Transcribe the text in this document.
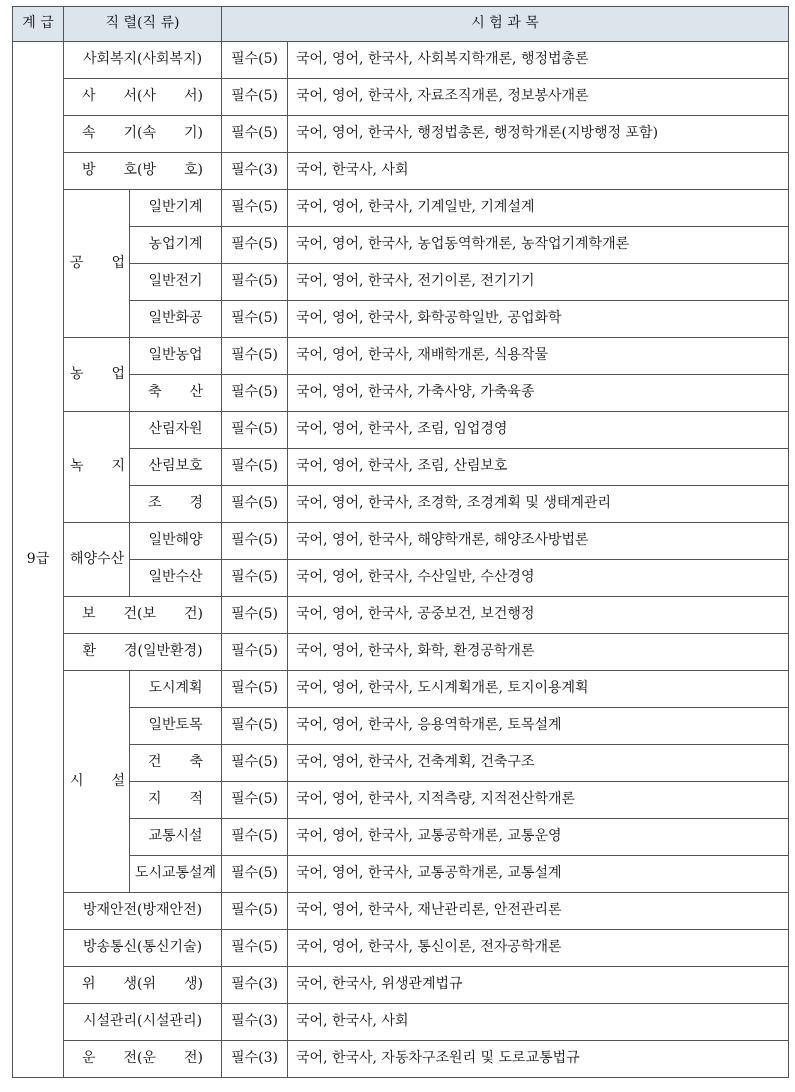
계 급	직 렬(직 류)		시 험 과 목	
9급	사회복지(사회복지)		필수(5)	국어, 영어, 한국사, 사회복지학개론, 행정법총론
	사　　서(사　　서)		필수(5)	국어, 영어, 한국사, 자료조직개론, 정보봉사개론
	속　　기(속　　기)		필수(5)	국어, 영어, 한국사, 행정법총론, 행정학개론(지방행정 포함)
	방　　호(방　　호)		필수(3)	국어, 한국사, 사회
	공　　업	일반기계	필수(5)	국어, 영어, 한국사, 기계일반, 기계설계
		농업기계	필수(5)	국어, 영어, 한국사, 농업동역학개론, 농작업기계학개론
		일반전기	필수(5)	국어, 영어, 한국사, 전기이론, 전기기기
		일반화공	필수(5)	국어, 영어, 한국사, 화학공학일반, 공업화학
	농　　업	일반농업	필수(5)	국어, 영어, 한국사, 재배학개론, 식용작물
		축　　산	필수(5)	국어, 영어, 한국사, 가축사양, 가축육종
	녹　　지	산림자원	필수(5)	국어, 영어, 한국사, 조림, 임업경영
		산림보호	필수(5)	국어, 영어, 한국사, 조림, 산림보호
		조　　경	필수(5)	국어, 영어, 한국사, 조경학, 조경계획 및 생태계관리
	해양수산	일반해양	필수(5)	국어, 영어, 한국사, 해양학개론, 해양조사방법론
		일반수산	필수(5)	국어, 영어, 한국사, 수산일반, 수산경영
	보　　건(보　　건)		필수(5)	국어, 영어, 한국사, 공중보건, 보건행정
	환　　경(일반환경)		필수(5)	국어, 영어, 한국사, 화학, 환경공학개론
	시　　설	도시계획	필수(5)	국어, 영어, 한국사, 도시계획개론, 토지이용계획
		일반토목	필수(5)	국어, 영어, 한국사, 응용역학개론, 토목설계
		건　　축	필수(5)	국어, 영어, 한국사, 건축계획, 건축구조
		지　　적	필수(5)	국어, 영어, 한국사, 지적측량, 지적전산학개론
		교통시설	필수(5)	국어, 영어, 한국사, 교통공학개론, 교통운영
		도시교통설계	필수(5)	국어, 영어, 한국사, 교통공학개론, 교통설계
	방재안전(방재안전)		필수(5)	국어, 영어, 한국사, 재난관리론, 안전관리론
	방송통신(통신기술)		필수(5)	국어, 영어, 한국사, 통신이론, 전자공학개론
	위　　생(위　　생)		필수(3)	국어, 한국사, 위생관계법규
	시설관리(시설관리)		필수(3)	국어, 한국사, 사회
	운　　전(운　　전)		필수(3)	국어, 한국사, 자동차구조원리 및 도로교통법규
